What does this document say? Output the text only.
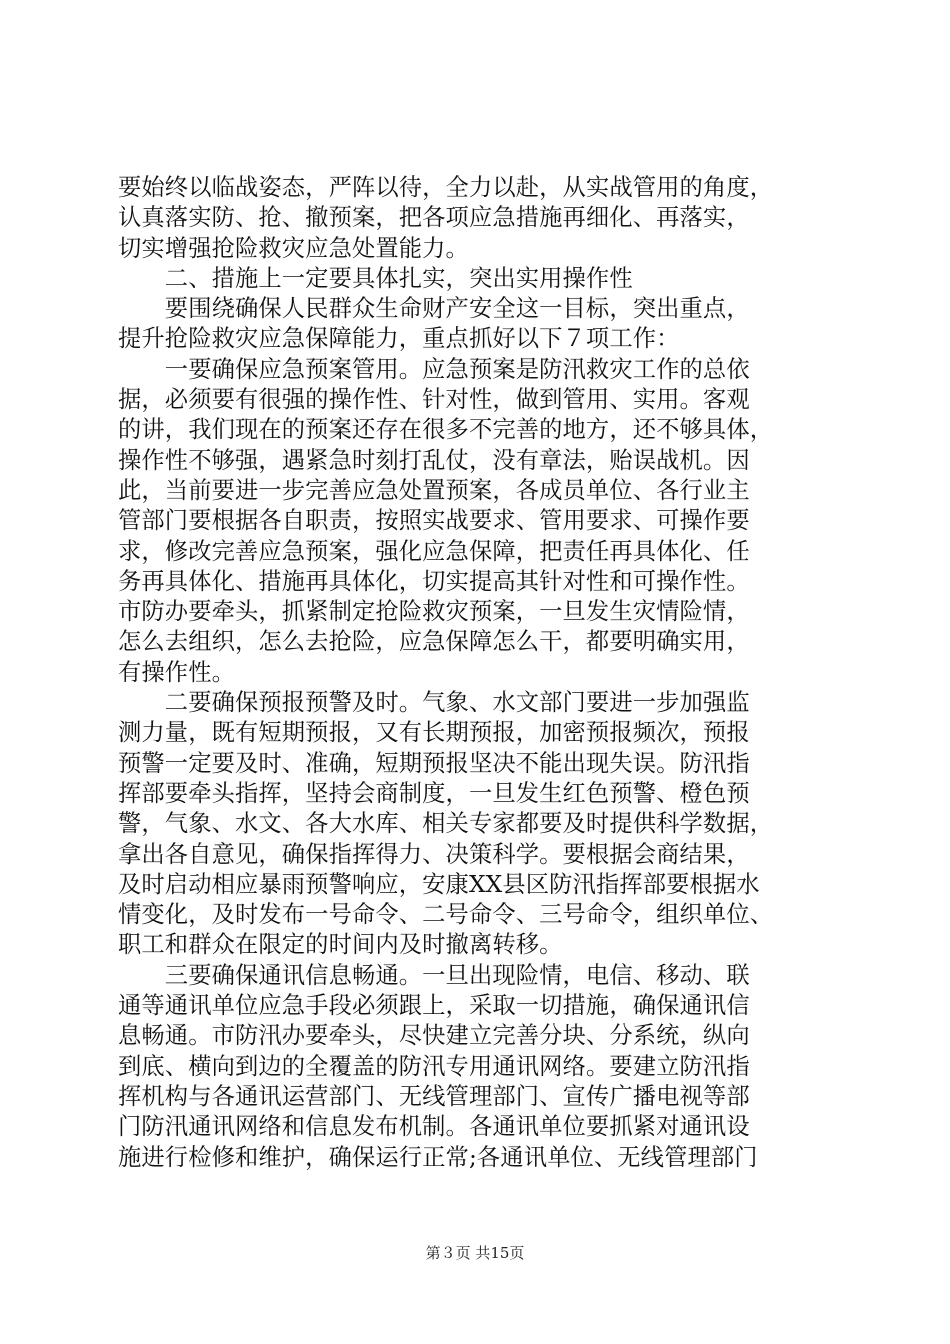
要始终以临战姿态，严阵以待，全力以赴，从实战管用的角度，
认真落实防、抢、撤预案，把各项应急措施再细化、再落实，
切实增强抢险救灾应急处置能力。
　　二、措施上一定要具体扎实，突出实用操作性
　　要围绕确保人民群众生命财产安全这一目标，突出重点，
提升抢险救灾应急保障能力，重点抓好以下７项工作：
　　一要确保应急预案管用。应急预案是防汛救灾工作的总依
据，必须要有很强的操作性、针对性，做到管用、实用。客观
的讲，我们现在的预案还存在很多不完善的地方，还不够具体，
操作性不够强，遇紧急时刻打乱仗，没有章法，贻误战机。因
此，当前要进一步完善应急处置预案，各成员单位、各行业主
管部门要根据各自职责，按照实战要求、管用要求、可操作要
求，修改完善应急预案，强化应急保障，把责任再具体化、任
务再具体化、措施再具体化，切实提高其针对性和可操作性。
市防办要牵头，抓紧制定抢险救灾预案，一旦发生灾情险情，
怎么去组织，怎么去抢险，应急保障怎么干，都要明确实用，
有操作性。
　　二要确保预报预警及时。气象、水文部门要进一步加强监
测力量，既有短期预报，又有长期预报，加密预报频次，预报
预警一定要及时、准确，短期预报坚决不能出现失误。防汛指
挥部要牵头指挥，坚持会商制度，一旦发生红色预警、橙色预
警，气象、水文、各大水库、相关专家都要及时提供科学数据，
拿出各自意见，确保指挥得力、决策科学。要根据会商结果，
及时启动相应暴雨预警响应，安康XX县区防汛指挥部要根据水
情变化，及时发布一号命令、二号命令、三号命令，组织单位、
职工和群众在限定的时间内及时撤离转移。
　　三要确保通讯信息畅通。一旦出现险情，电信、移动、联
通等通讯单位应急手段必须跟上，采取一切措施，确保通讯信
息畅通。市防汛办要牵头，尽快建立完善分块、分系统，纵向
到底、横向到边的全覆盖的防汛专用通讯网络。要建立防汛指
挥机构与各通讯运营部门、无线管理部门、宣传广播电视等部
门防汛通讯网络和信息发布机制。各通讯单位要抓紧对通讯设
施进行检修和维护，确保运行正常;各通讯单位、无线管理部门
第３页 共15页
